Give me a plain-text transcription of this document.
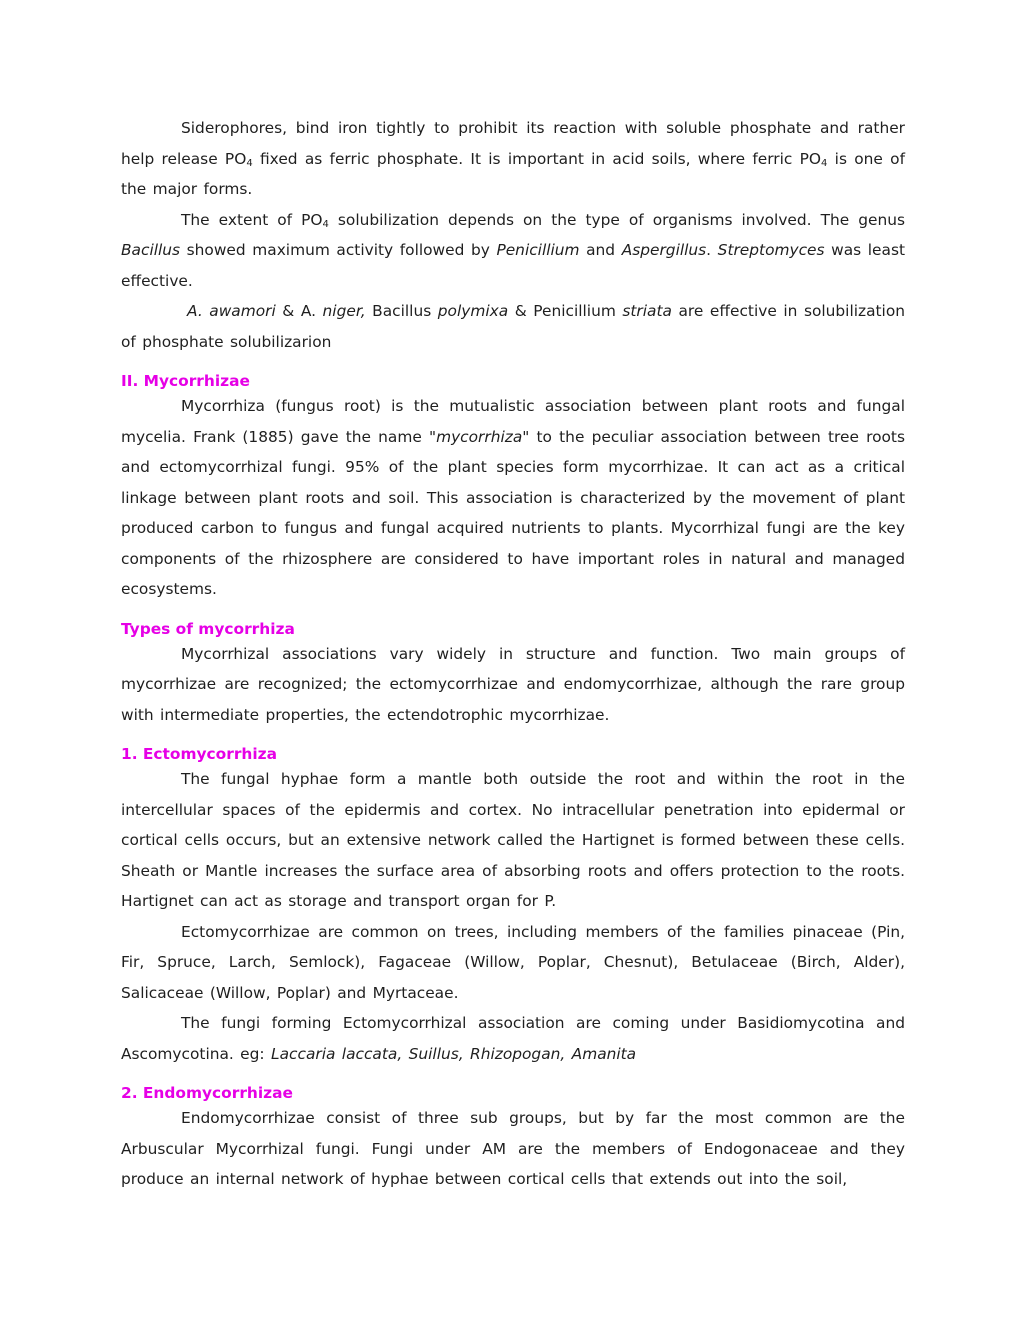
Siderophores, bind iron tightly to prohibit its reaction with soluble phosphate and rather help release $PO_4$ fixed as ferric phosphate. It is important in acid soils, where ferric $PO_4$ is one of the major forms.

The extent of $PO_4$ solubilization depends on the type of organisms involved. The genus Bacillus showed maximum activity followed by Penicillium and Aspergillus. Streptomyces was least effective.

A. awamori & A. niger, Bacillus polymixa & Penicillium striata are effective in solubilization of phosphate solubilizarion

II. Mycorrhizae

Mycorrhiza (fungus root) is the mutualistic association between plant roots and fungal mycelia. Frank (1885) gave the name "mycorrhiza" to the peculiar association between tree roots and ectomycorrhizal fungi. 95% of the plant species form mycorrhizae. It can act as a critical linkage between plant roots and soil. This association is characterized by the movement of plant produced carbon to fungus and fungal acquired nutrients to plants. Mycorrhizal fungi are the key components of the rhizosphere are considered to have important roles in natural and managed ecosystems.

Types of mycorrhiza

Mycorrhizal associations vary widely in structure and function. Two main groups of mycorrhizae are recognized; the ectomycorrhizae and endomycorrhizae, although the rare group with intermediate properties, the ectendotrophic mycorrhizae.

1. Ectomycorrhiza

The fungal hyphae form a mantle both outside the root and within the root in the intercellular spaces of the epidermis and cortex. No intracellular penetration into epidermal or cortical cells occurs, but an extensive network called the Hartignet is formed between these cells. Sheath or Mantle increases the surface area of absorbing roots and offers protection to the roots. Hartignet can act as storage and transport organ for P.

Ectomycorrhizae are common on trees, including members of the families pinaceae (Pin, Fir, Spruce, Larch, Semlock), Fagaceae (Willow, Poplar, Chesnut), Betulaceae (Birch, Alder), Salicaceae (Willow, Poplar) and Myrtaceae.

The fungi forming Ectomycorrhizal association are coming under Basidiomycotina and Ascomycotina. eg: Laccaria laccata, Suillus, Rhizopogan, Amanita

2. Endomycorrhizae

Endomycorrhizae consist of three sub groups, but by far the most common are the Arbuscular Mycorrhizal fungi. Fungi under AM are the members of Endogonaceae and they produce an internal network of hyphae between cortical cells that extends out into the soil,
